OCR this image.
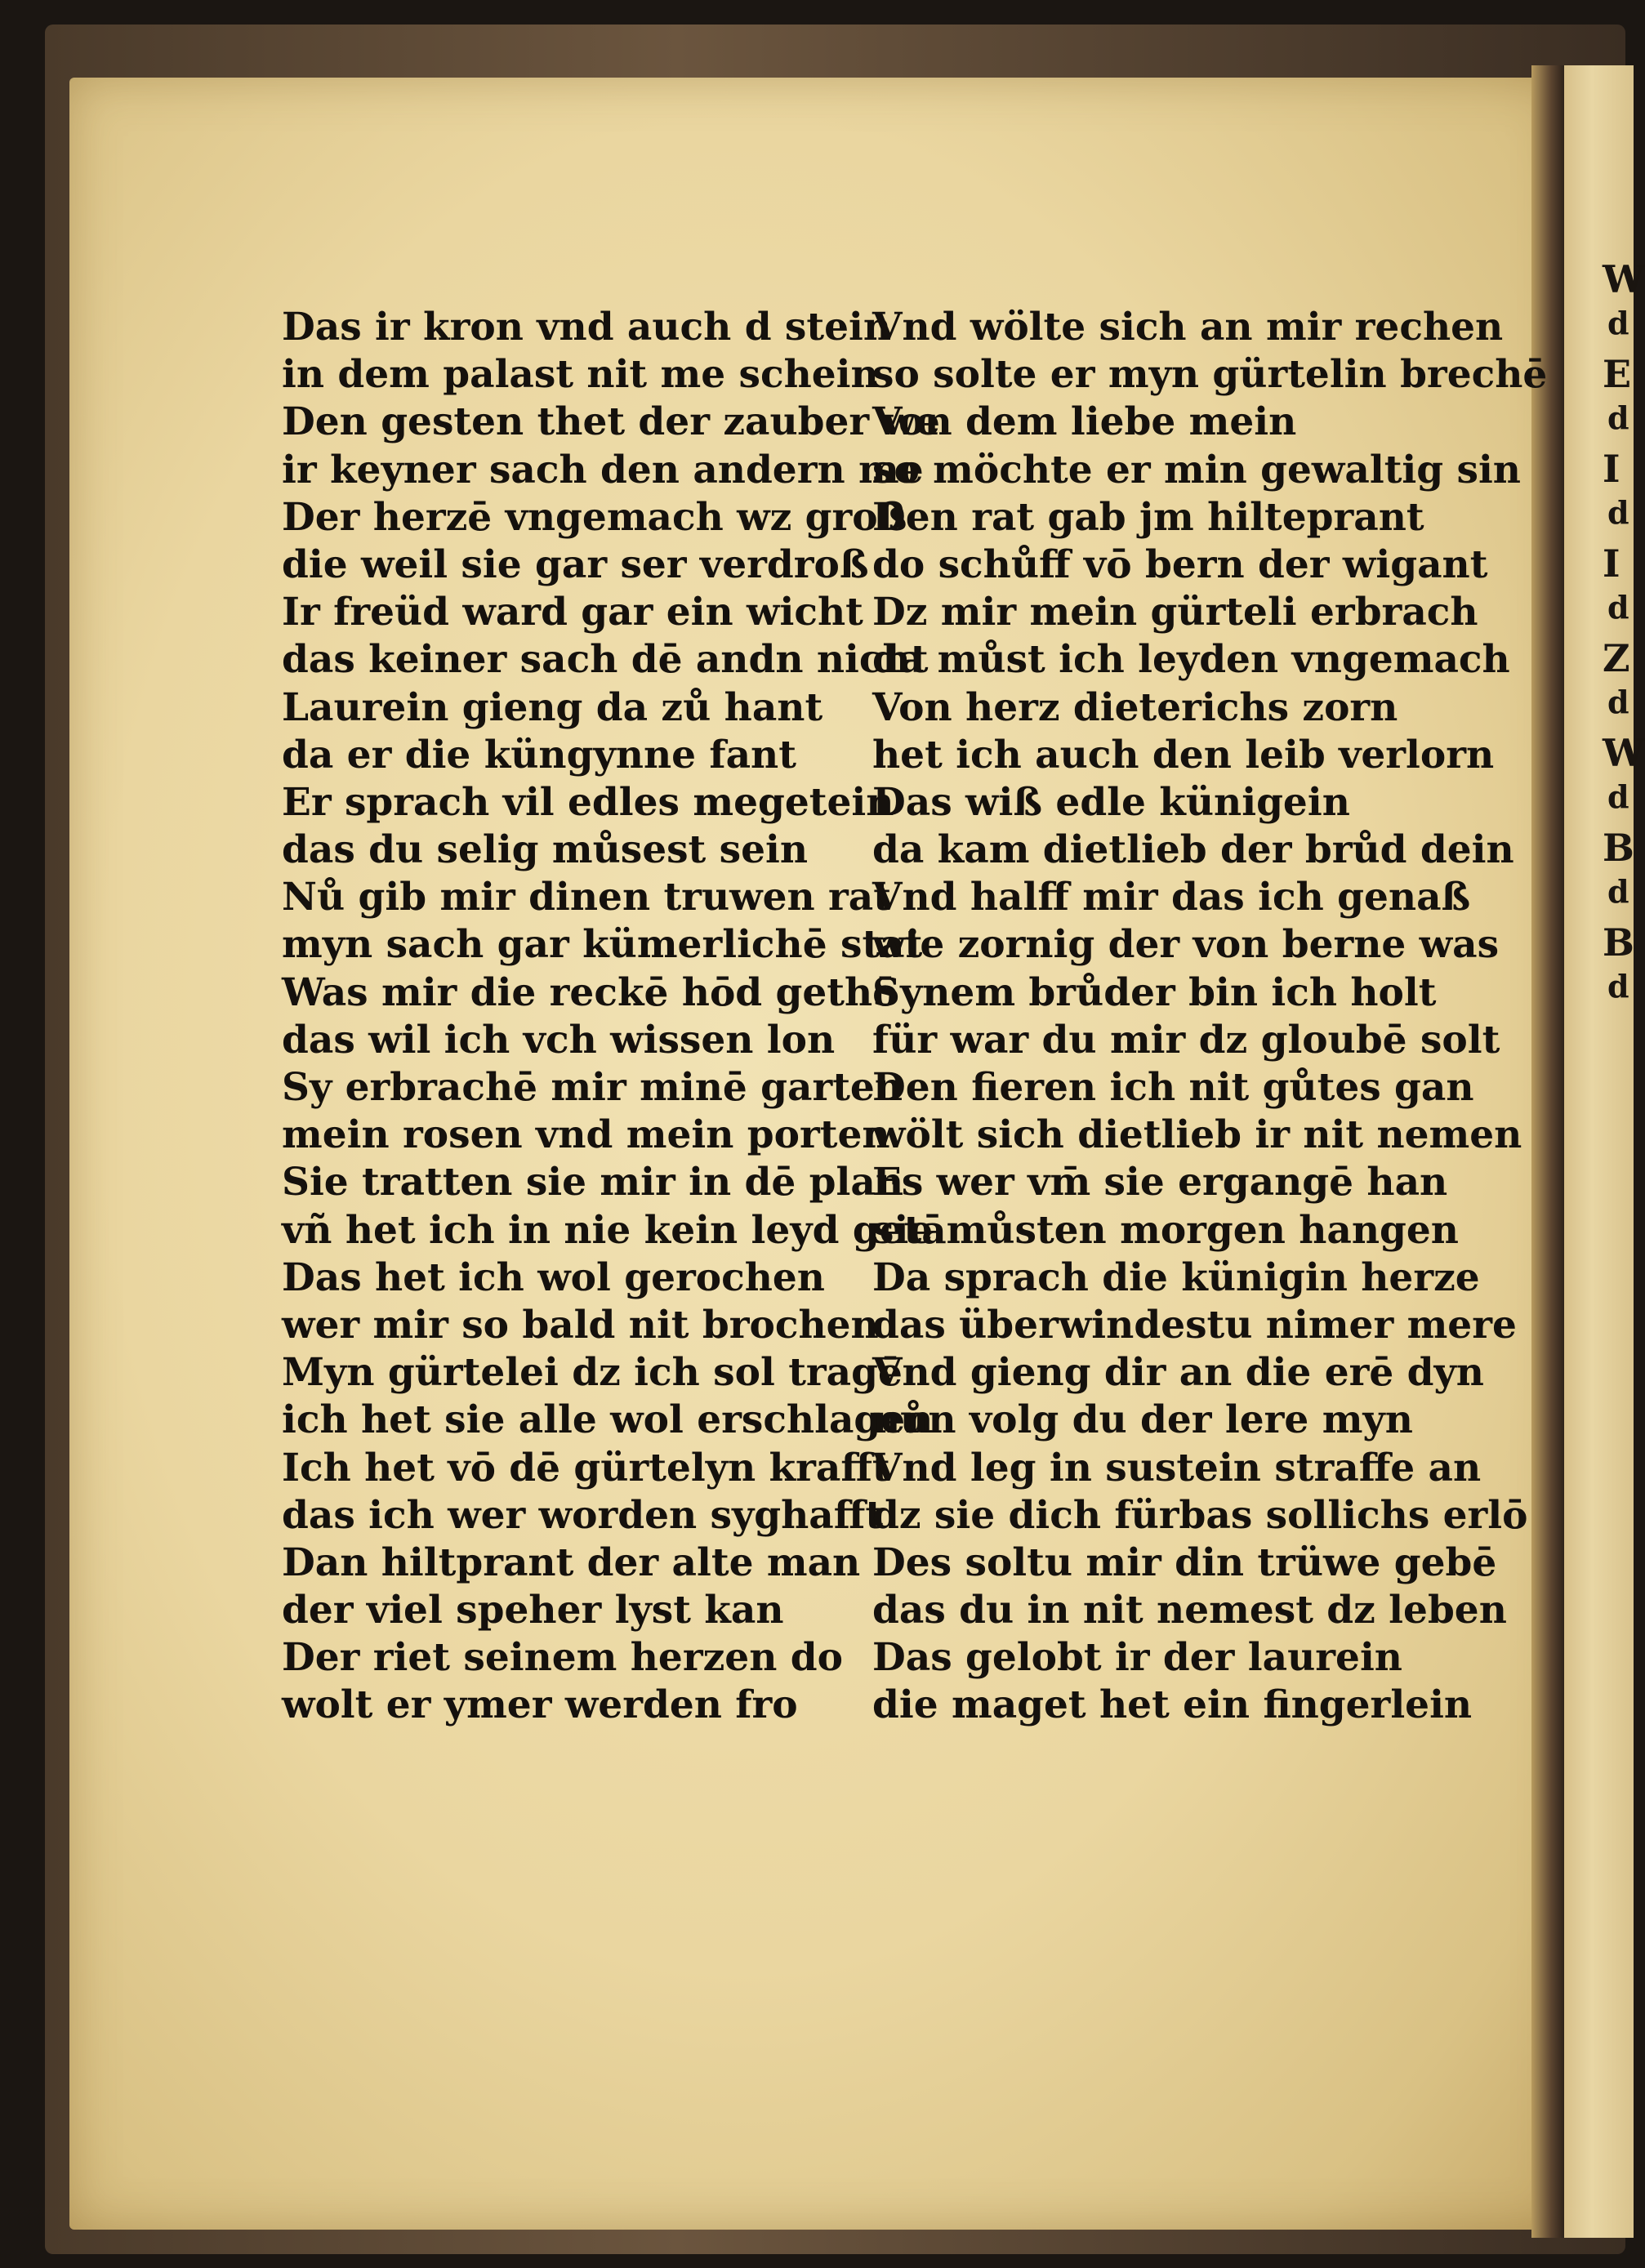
Das ir kron vnd auch d stein
in dem palast nit me schein
Den gesten thet der zauber we
ir keyner sach den andern me
Der herzē vngemach wz groß
die weil sie gar ser verdroß
Ir freüd ward gar ein wicht
das keiner sach dē andn nicht
Laurein gieng da zů hant
da er die küngynne fant
Er sprach vil edles megetein
das du selig můsest sein
Nů gib mir dinen truwen rat
myn sach gar kümerlichē stat
Was mir die reckē hōd gethō
das wil ich vch wissen lon
Sy erbrachē mir minē garten
mein rosen vnd mein porten
Sie tratten sie mir in dē plan
vñ het ich in nie kein leyd getā
Das het ich wol gerochen
wer mir so bald nit brochen
Myn gürtelei dz ich sol tragē
ich het sie alle wol erschlagen
Ich het vō dē gürtelyn krafft
das ich wer worden syghafft
Dan hiltprant der alte man
der viel speher lyst kan
Der riet seinem herzen do
wolt er ymer werden fro
Vnd wölte sich an mir rechen
so solte er myn gürtelin brechē
Von dem liebe mein
so möchte er min gewaltig sin
Den rat gab jm hilteprant
do schůff vō bern der wigant
Dz mir mein gürteli erbrach
da můst ich leyden vngemach
Von herz dieterichs zorn
het ich auch den leib verlorn
Das wiß edle künigein
da kam dietlieb der brůd dein
Vnd halff mir das ich genaß
wie zornig der von berne was
Synem brůder bin ich holt
für war du mir dz gloubē solt
Den fieren ich nit gůtes gan
wölt sich dietlieb ir nit nemen
Es wer vm̄ sie ergangē han
sie můsten morgen hangen
Da sprach die künigin herze
das überwindestu nimer mere
Vnd gieng dir an die erē dyn
nůn volg du der lere myn
Vnd leg in sustein straffe an
dz sie dich fürbas sollichs erlō
Des soltu mir din trüwe gebē
das du in nit nemest dz leben
Das gelobt ir der laurein
die maget het ein fingerlein
W
d
E
d
I
d
I
d
Z
d
W
d
B
d
B
d
